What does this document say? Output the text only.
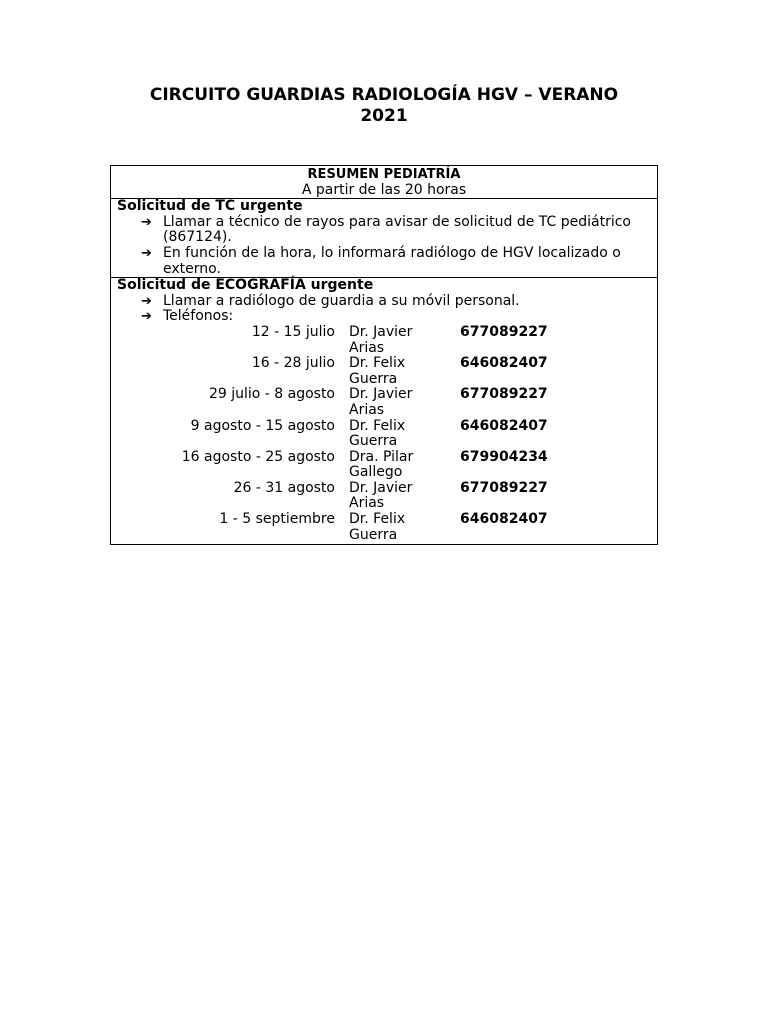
CIRCUITO GUARDIAS RADIOLOGÍA HGV – VERANO
2021
RESUMEN PEDIATRÍA
A partir de las 20 horas
Solicitud de TC urgente
➔ Llamar a técnico de rayos para avisar de solicitud de TC pediátrico (867124).
➔ En función de la hora, lo informará radiólogo de HGV localizado o externo.
Solicitud de ECOGRAFÍA urgente
➔ Llamar a radiólogo de guardia a su móvil personal.
➔ Teléfonos:
12 - 15 julio Dr. Javier Arias
677089227
16 - 28 julio Dr. Felix Guerra
646082407
29 julio - 8 agosto Dr. Javier Arias
677089227
9 agosto - 15 agosto Dr. Felix Guerra
646082407
16 agosto - 25 agosto Dra. Pilar Gallego
679904234
26 - 31 agosto Dr. Javier Arias
677089227
1 - 5 septiembre Dr. Felix Guerra
646082407
